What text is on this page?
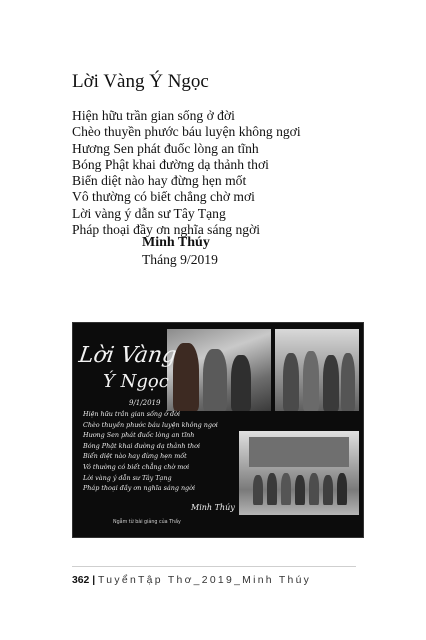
Lời Vàng Ý Ngọc
Hiện hữu trần gian sống ở đời
Chèo thuyền phước báu luyện không ngơi
Hương Sen phát đuốc lòng an tĩnh
Bóng Phật khai đường dạ thảnh thơi
Biển diệt nào hay đừng hẹn mốt
Vô thường có biết chẳng chờ mơi
Lời vàng ý dẫn sư Tây Tạng
Pháp thoại đầy ơn nghĩa sáng ngời
Minh Thúy
Tháng 9/2019
Lời Vàng
Ý Ngọc
9/1/2019
Hiện hữu trần gian sống ở đời
Chèo thuyền phước báu luyện không ngơi
Hương Sen phát đuốc lòng an tĩnh
Bóng Phật khai đường dạ thảnh thơi
Biển diệt nào hay đừng hẹn mốt
Vô thường có biết chẳng chờ mơi
Lời vàng ý dẫn sư Tây Tạng
Pháp thoại đầy ơn nghĩa sáng ngời
Minh Thúy
Ngẫm từ bài giảng của Thầy
362 | TuyểnTập Thơ_2019_Minh Thúy
